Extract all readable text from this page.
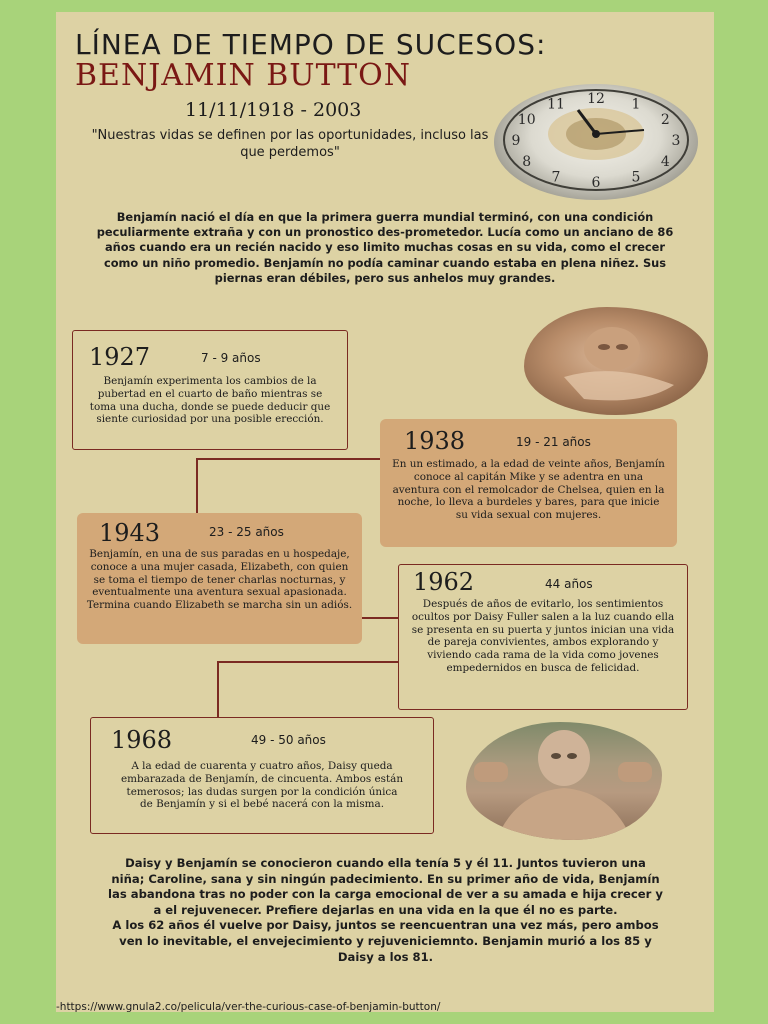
LÍNEA DE TIEMPO DE SUCESOS:
BENJAMIN BUTTON
11/11/1918 - 2003
"Nuestras vidas se definen por las oportunidades, incluso las que perdemos"
12 1
2
3
4
5
6
7
8
9
10
11
Benjamín nació el día en que la primera guerra mundial terminó, con una condición peculiarmente extraña y con un pronostico des-prometedor. Lucía como un anciano de 86 años cuando era un recién nacido y eso limito muchas cosas en su vida, como el crecer como un niño promedio. Benjamín no podía caminar cuando estaba en plena niñez. Sus piernas eran débiles, pero sus anhelos muy grandes.
1927	7 - 9 años
Benjamín experimenta los cambios de la pubertad en el cuarto de baño mientras se toma una ducha, donde se puede deducir que siente curiosidad por una posible erección.
1938	19 - 21 años
En un estimado, a la edad de veinte años, Benjamín conoce al capitán Mike y se adentra en una aventura con el remolcador de Chelsea, quien en la noche, lo lleva a burdeles y bares, para que inicie su vida sexual con mujeres.
1943	23 - 25 años
Benjamín, en una de sus paradas en u hospedaje, conoce a una mujer casada, Elizabeth, con quien se toma el tiempo de tener charlas nocturnas, y eventualmente una aventura sexual apasionada. Termina cuando Elizabeth se marcha sin un adiós.
1962	44 años
Después de años de evitarlo, los sentimientos ocultos por Daisy Fuller salen a la luz cuando ella se presenta en su puerta y juntos inician una vida de pareja convivientes, ambos explorando y viviendo cada rama de la vida como jovenes empedernidos en busca de felicidad.
1968	49 - 50 años
A la edad de cuarenta y cuatro años, Daisy queda embarazada de Benjamín, de cincuenta. Ambos están temerosos; las dudas surgen por la condición única de Benjamín y si el bebé nacerá con la misma.
Daisy y Benjamín se conocieron cuando ella tenía 5 y él 11. Juntos tuvieron una niña; Caroline, sana y sin ningún padecimiento. En su primer año de vida, Benjamín las abandona tras no poder con la carga emocional de ver a su amada e hija crecer y a el rejuvenecer. Prefiere dejarlas en una vida en la que él no es parte.
A los 62 años él vuelve por Daisy, juntos se reencuentran una vez más, pero ambos ven lo inevitable, el envejecimiento y rejuveniciemnto. Benjamin murió a los 85 y Daisy a los 81.
-https://www.gnula2.co/pelicula/ver-the-curious-case-of-benjamin-button/
